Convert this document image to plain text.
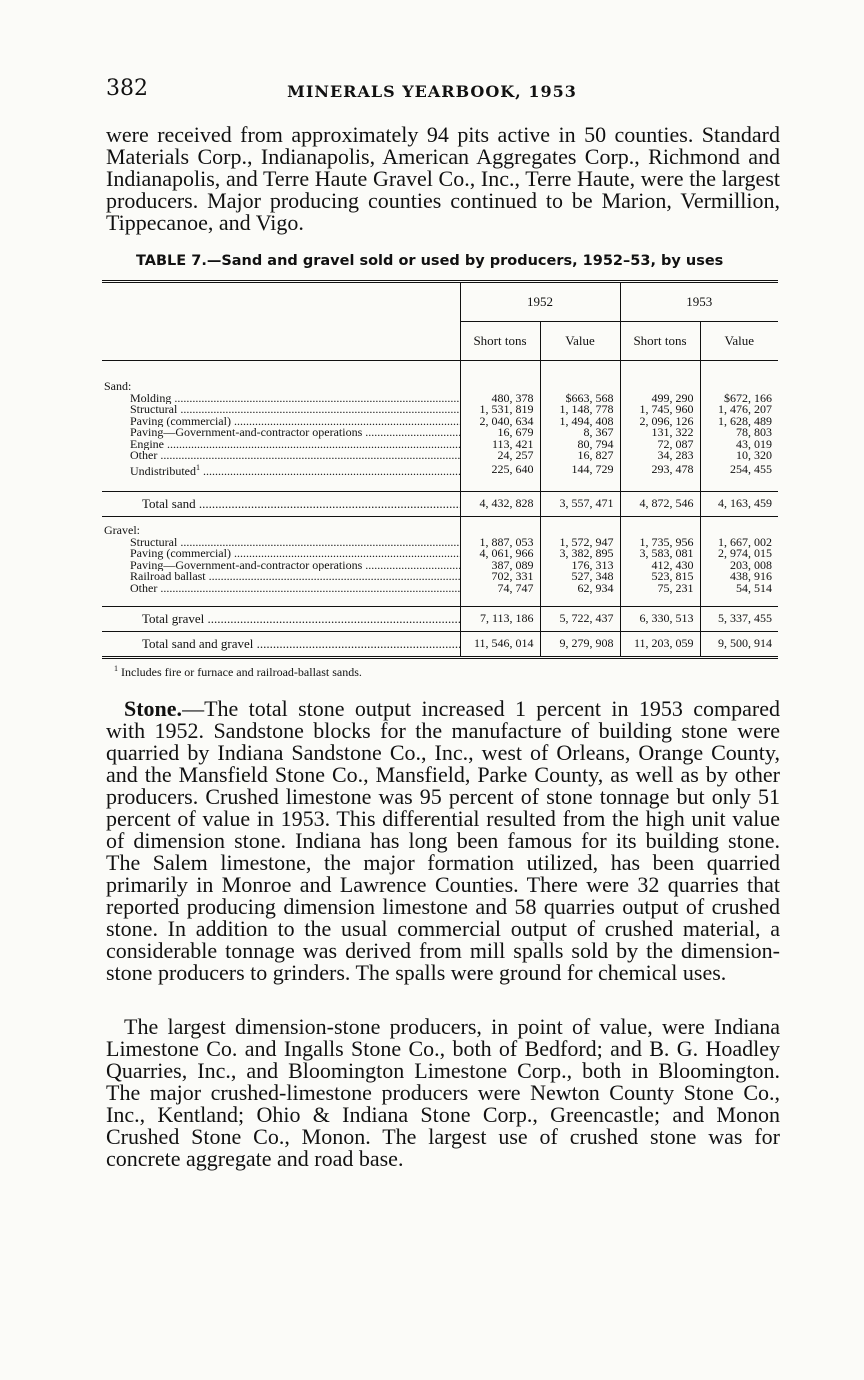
382	MINERALS YEARBOOK, 1953

were received from approximately 94 pits active in 50 counties. Standard Materials Corp., Indianapolis, American Aggregates Corp., Richmond and Indianapolis, and Terre Haute Gravel Co., Inc., Terre Haute, were the largest producers. Major producing counties continued to be Marion, Vermillion, Tippecanoe, and Vigo.

TABLE 7.—Sand and gravel sold or used by producers, 1952–53, by uses
	1952		1953	
	Short tons	Value	Short tons	Value
Sand:				
Molding .....	480, 378	$663, 568	499, 290	$672, 166
Structural .....	1, 531, 819	1, 148, 778	1, 745, 960	1, 476, 207
Paving (commercial) .....	2, 040, 634	1, 494, 408	2, 096, 126	1, 628, 489
Paving—Government-and-contractor operations .....	16, 679	8, 367	131, 322	78, 803
Engine .....	113, 421	80, 794	72, 087	43, 019
Other .....	24, 257	16, 827	34, 283	10, 320
Undistributed$^1$ .....	225, 640	144, 729	293, 478	254, 455

Total sand .....	4, 432, 828	3, 557, 471	4, 872, 546	4, 163, 459
Gravel:				
Structural .....	1, 887, 053	1, 572, 947	1, 735, 956	1, 667, 002
Paving (commercial) .....	4, 061, 966	3, 382, 895	3, 583, 081	2, 974, 015
Paving—Government-and-contractor operations .....	387, 089	176, 313	412, 430	203, 008
Railroad ballast .....	702, 331	527, 348	523, 815	438, 916
Other .....	74, 747	62, 934	75, 231	54, 514

Total gravel .....	7, 113, 186	5, 722, 437	6, 330, 513	5, 337, 455
Total sand and gravel .....	11, 546, 014	9, 279, 908	11, 203, 059	9, 500, 914
$^1$ Includes fire or furnace and railroad-ballast sands.

Stone.—The total stone output increased 1 percent in 1953 compared with 1952. Sandstone blocks for the manufacture of building stone were quarried by Indiana Sandstone Co., Inc., west of Orleans, Orange County, and the Mansfield Stone Co., Mansfield, Parke County, as well as by other producers. Crushed limestone was 95 percent of stone tonnage but only 51 percent of value in 1953. This differential resulted from the high unit value of dimension stone. Indiana has long been famous for its building stone. The Salem limestone, the major formation utilized, has been quarried primarily in Monroe and Lawrence Counties. There were 32 quarries that reported producing dimension limestone and 58 quarries output of crushed stone. In addition to the usual commercial output of crushed material, a considerable tonnage was derived from mill spalls sold by the dimension-stone producers to grinders. The spalls were ground for chemical uses.

The largest dimension-stone producers, in point of value, were Indiana Limestone Co. and Ingalls Stone Co., both of Bedford; and B. G. Hoadley Quarries, Inc., and Bloomington Limestone Corp., both in Bloomington. The major crushed-limestone producers were Newton County Stone Co., Inc., Kentland; Ohio & Indiana Stone Corp., Greencastle; and Monon Crushed Stone Co., Monon. The largest use of crushed stone was for concrete aggregate and road base.
